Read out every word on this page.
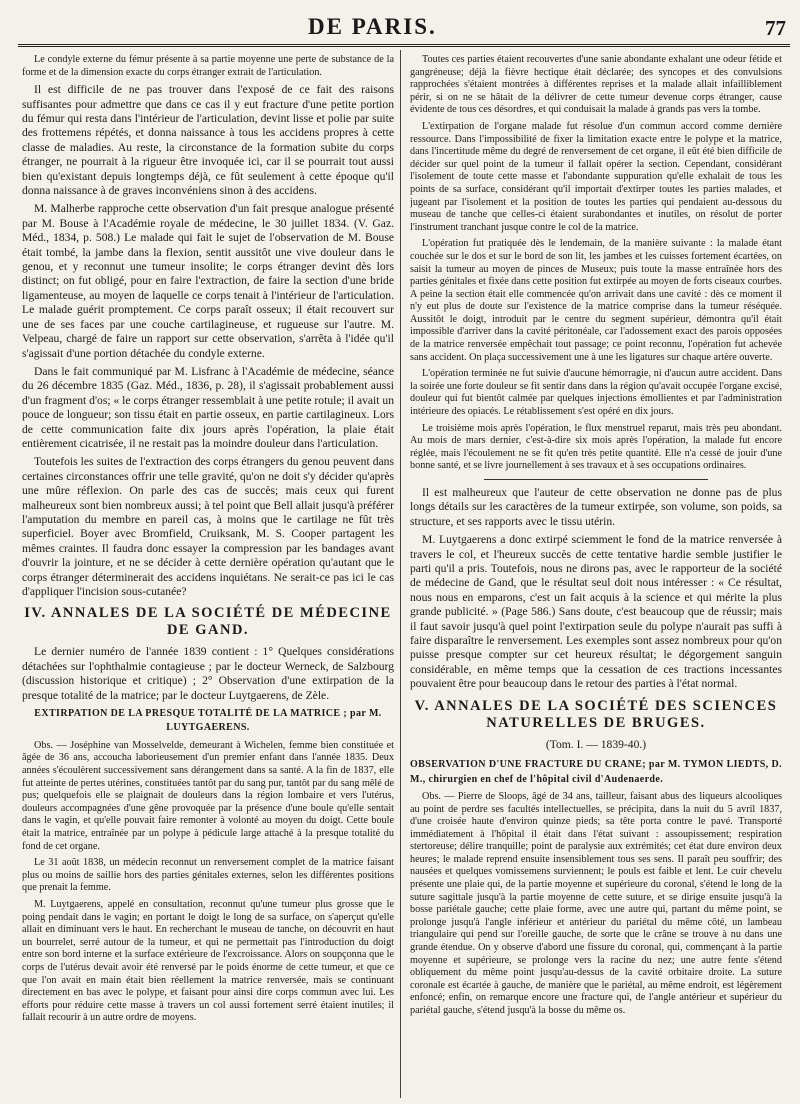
DE PARIS.	77

Le condyle externe du fémur présente à sa partie moyenne une perte de substance de la forme et de la dimension exacte du corps étranger extrait de l'articulation.

Il est difficile de ne pas trouver dans l'exposé de ce fait des raisons suffisantes pour admettre que dans ce cas il y eut fracture d'une petite portion du fémur qui resta dans l'intérieur de l'articulation, devint lisse et polie par suite des frottemens répétés, et donna naissance à tous les accidens propres à cette classe de maladies. Au reste, la circonstance de la formation subite du corps étranger, ne pourrait à la rigueur être invoquée ici, car il se pourrait tout aussi bien qu'existant depuis longtemps déjà, ce fût seulement à cette époque qu'il donna naissance à de graves inconvéniens sinon à des accidens.

M. Malherbe rapproche cette observation d'un fait presque analogue présenté par M. Bouse à l'Académie royale de médecine, le 30 juillet 1834. (V. Gaz. Méd., 1834, p. 508.) Le malade qui fait le sujet de l'observation de M. Bouse était tombé, la jambe dans la flexion, sentit aussitôt une vive douleur dans le genou, et y reconnut une tumeur insolite; le corps étranger devint dès lors distinct; on fut obligé, pour en faire l'extraction, de faire la section d'une bride ligamenteuse, au moyen de laquelle ce corps tenait à l'intérieur de l'articulation. Le malade guérit promptement. Ce corps paraît osseux; il était recouvert sur une de ses faces par une couche cartilagineuse, et rugueuse sur l'autre. M. Velpeau, chargé de faire un rapport sur cette observation, s'arrêta à l'idée qu'il s'agissait d'une portion détachée du condyle externe.

Dans le fait communiqué par M. Lisfranc à l'Académie de médecine, séance du 26 décembre 1835 (Gaz. Méd., 1836, p. 28), il s'agissait probablement aussi d'un fragment d'os; « le corps étranger ressemblait à une petite rotule; il avait un pouce de longueur; son tissu était en partie osseux, en partie cartilagineux. Lors de cette communication faite dix jours après l'opération, la plaie était entièrement cicatrisée, il ne restait pas la moindre douleur dans l'articulation.

Toutefois les suites de l'extraction des corps étrangers du genou peuvent dans certaines circonstances offrir une telle gravité, qu'on ne doit s'y décider qu'après une mûre réflexion. On parle des cas de succès; mais ceux qui furent malheureux sont bien nombreux aussi; à tel point que Bell allait jusqu'à préférer l'amputation du membre en pareil cas, à moins que le cartilage ne fût très superficiel. Boyer avec Bromfield, Cruiksank, M. S. Cooper partagent les mêmes craintes. Il faudra donc essayer la compression par les bandages avant d'ouvrir la jointure, et ne se décider à cette dernière opération qu'autant que le corps étranger déterminerait des accidens inquiétans. Ne serait-ce pas ici le cas d'appliquer l'incision sous-cutanée?

IV. ANNALES DE LA SOCIÉTÉ DE MÉDECINE DE GAND.

Le dernier numéro de l'année 1839 contient : 1° Quelques considérations détachées sur l'ophthalmie contagieuse ; par le docteur Werneck, de Salzbourg (discussion historique et critique) ; 2° Observation d'une extirpation de la presque totalité de la matrice; par le docteur Luytgaerens, de Zèle.

EXTIRPATION DE LA PRESQUE TOTALITÉ DE LA MATRICE ; par M. LUYTGAERENS.

Obs. — Joséphine van Mosselvelde, demeurant à Wichelen, femme bien constituée et âgée de 36 ans, accoucha laborieusement d'un premier enfant dans l'année 1835. Deux années s'écoulèrent successivement sans dérangement dans sa santé. A la fin de 1837, elle fut atteinte de pertes utérines, constituées tantôt par du sang pur, tantôt par du sang mêlé de pus; quelquefois elle se plaignait de douleurs dans la région lombaire et vers l'utérus, douleurs accompagnées d'une gêne provoquée par la présence d'une boule qu'elle sentait dans le vagin, et qu'elle pouvait faire remonter à volonté au moyen du doigt. Cette boule était la matrice, entraînée par un polype à pédicule large attaché à la presque totalité du fond de cet organe.

Le 31 août 1838, un médecin reconnut un renversement complet de la matrice faisant plus ou moins de saillie hors des parties génitales externes, selon les différentes positions que prenait la femme.

M. Luytgaerens, appelé en consultation, reconnut qu'une tumeur plus grosse que le poing pendait dans le vagin; en portant le doigt le long de sa surface, on s'aperçut qu'elle allait en diminuant vers le haut. En recherchant le museau de tanche, on découvrit en haut un bourrelet, serré autour de la tumeur, et qui ne permettait pas l'introduction du doigt entre son bord interne et la surface extérieure de l'excroissance. Alors on soupçonna que le corps de l'utérus devait avoir été renversé par le poids énorme de cette tumeur, et que ce que l'on avait en main était bien réellement la matrice renversée, mais se continuant directement en bas avec le polype, et faisant pour ainsi dire corps commun avec lui. Les efforts pour réduire cette masse à travers un col aussi fortement serré étaient inutiles; il fallait recourir à un autre ordre de moyens.

Toutes ces parties étaient recouvertes d'une sanie abondante exhalant une odeur fétide et gangréneuse; déjà la fièvre hectique était déclarée; des syncopes et des convulsions rapprochées s'étaient montrées à différentes reprises et la malade allait infailliblement périr, si on ne se hâtait de la délivrer de cette tumeur devenue corps étranger, cause évidente de tous ces désordres, et qui conduisait la malade à grands pas vers la tombe.

L'extirpation de l'organe malade fut résolue d'un commun accord comme dernière ressource. Dans l'impossibilité de fixer la limitation exacte entre le polype et la matrice, dans l'incertitude même du degré de renversement de cet organe, il eût été bien difficile de décider sur quel point de la tumeur il fallait opérer la section. Cependant, considérant l'isolement de toute cette masse et l'abondante suppuration qu'elle exhalait de tous les points de sa surface, considérant qu'il importait d'extirper toutes les parties malades, et jugeant par l'isolement et la position de toutes les parties qui pendaient au-dessous du museau de tanche que celles-ci étaient surabondantes et inutiles, on résolut de porter l'instrument tranchant jusque contre le col de la matrice.

L'opération fut pratiquée dès le lendemain, de la manière suivante : la malade étant couchée sur le dos et sur le bord de son lit, les jambes et les cuisses fortement écartées, on saisit la tumeur au moyen de pinces de Museux; puis toute la masse entraînée hors des parties génitales et fixée dans cette position fut extirpée au moyen de forts ciseaux courbes. A peine la section était elle commencée qu'on arrivait dans une cavité : dès ce moment il n'y eut plus de doute sur l'existence de la matrice comprise dans la tumeur réséquée. Aussitôt le doigt, introduit par le centre du segment supérieur, démontra qu'il était impossible d'arriver dans la cavité péritonéale, car l'adossement exact des parois opposées de la matrice renversée empêchait tout passage; ce point reconnu, l'opération fut achevée sans accident. On plaça successivement une à une les ligatures sur chaque artère ouverte.

L'opération terminée ne fut suivie d'aucune hémorragie, ni d'aucun autre accident. Dans la soirée une forte douleur se fit sentir dans dans la région qu'avait occupée l'organe excisé, douleur qui fut bientôt calmée par quelques injections émollientes et par l'administration intérieure des opiacés. Le rétablissement s'est opéré en dix jours.

Le troisième mois après l'opération, le flux menstruel reparut, mais très peu abondant. Au mois de mars dernier, c'est-à-dire six mois après l'opération, la malade fut encore réglée, mais l'écoulement ne se fit qu'en très petite quantité. Elle n'a cessé de jouir d'une bonne santé, et se livre journellement à ses travaux et à ses occupations ordinaires.

Il est malheureux que l'auteur de cette observation ne donne pas de plus longs détails sur les caractères de la tumeur extirpée, son volume, son poids, sa structure, et ses rapports avec le tissu utérin.

M. Luytgaerens a donc extirpé sciemment le fond de la matrice renversée à travers le col, et l'heureux succès de cette tentative hardie semble justifier le parti qu'il a pris. Toutefois, nous ne dirons pas, avec le rapporteur de la société de médecine de Gand, que le résultat seul doit nous intéresser : « Ce résultat, nous nous en emparons, c'est un fait acquis à la science et qui mérite la plus grande publicité. » (Page 586.) Sans doute, c'est beaucoup que de réussir; mais il faut savoir jusqu'à quel point l'extirpation seule du polype n'aurait pas suffi à faire disparaître le renversement. Les exemples sont assez nombreux pour qu'on puisse presque compter sur cet heureux résultat; le dégorgement sanguin considérable, en même temps que la cessation de ces tractions incessantes pouvaient être pour beaucoup dans le retour des parties à l'état normal.

V. ANNALES DE LA SOCIÉTÉ DES SCIENCES NATURELLES DE BRUGES.
(Tom. I. — 1839-40.)
OBSERVATION D'UNE FRACTURE DU CRANE; par M. TYMON LIEDTS, D. M., chirurgien en chef de l'hôpital civil d'Audenaerde.

Obs. — Pierre de Sloops, âgé de 34 ans, tailleur, faisant abus des liqueurs alcooliques au point de perdre ses facultés intellectuelles, se précipita, dans la nuit du 5 avril 1837, d'une croisée haute d'environ quinze pieds; sa tête porta contre le pavé. Transporté immédiatement à l'hôpital il était dans l'état suivant : assoupissement; respiration stertoreuse; délire tranquille; point de paralysie aux extrémités; cet état dure environ deux heures; le malade reprend ensuite insensiblement tous ses sens. Il paraît peu souffrir; des nausées et quelques vomissemens surviennent; le pouls est faible et lent. Le cuir chevelu présente une plaie qui, de la partie moyenne et supérieure du coronal, s'étend le long de la suture sagittale jusqu'à la partie moyenne de cette suture, et se dirige ensuite jusqu'à la bosse pariétale gauche; cette plaie forme, avec une autre qui, partant du même point, se prolonge jusqu'à l'angle inférieur et antérieur du pariétal du même côté, un lambeau triangulaire qui pend sur l'oreille gauche, de sorte que le crâne se trouve à nu dans une grande étendue. On y observe d'abord une fissure du coronal, qui, commençant à la partie moyenne et supérieure, se prolonge vers la racine du nez; une autre fente s'étend obliquement du même point jusqu'au-dessus de la cavité orbitaire droite. La suture coronale est écartée à gauche, de manière que le pariétal, au même endroit, est légèrement enfoncé; enfin, on remarque encore une fracture qui, de l'angle antérieur et supérieur du pariétal gauche, s'étend jusqu'à la bosse du même os.
